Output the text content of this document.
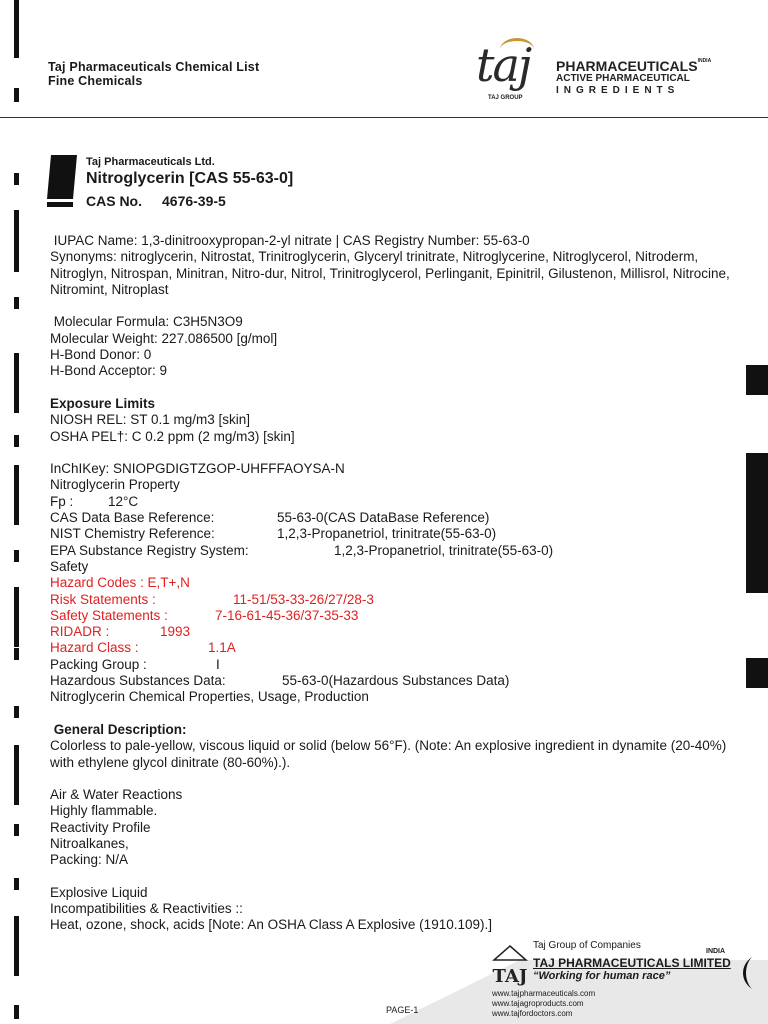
Taj Pharmaceuticals Chemical List
Fine Chemicals	taj
TAJ GROUP
$PHARMACEUTICALS^{INDIA}$
ACTIVE PHARMACEUTICAL
INGREDIENTS
Taj Pharmaceuticals Ltd.
Nitroglycerin [CAS 55-63-0]
CAS No. 4676-39-5

IUPAC Name: 1,3-dinitrooxypropan-2-yl nitrate | CAS Registry Number: 55-63-0

Synonyms: nitroglycerin, Nitrostat, Trinitroglycerin, Glyceryl trinitrate, Nitroglycerine, Nitroglycerol, Nitroderm, Nitroglyn, Nitrospan, Minitran, Nitro-dur, Nitrol, Trinitroglycerol, Perlinganit, Epinitril, Gilustenon, Millisrol, Nitrocine, Nitromint, Nitroplast

Molecular Formula: C3H5N3O9

Molecular Weight: 227.086500 [g/mol]

H-Bond Donor: 0

H-Bond Acceptor: 9

Exposure Limits

NIOSH REL: ST 0.1 mg/m3 [skin]

OSHA PEL†: C 0.2 ppm (2 mg/m3) [skin]

InChIKey: SNIOPGDIGTZGOP-UHFFFAOYSA-N

Nitroglycerin Property

Fp :	12°C

CAS Data Base Reference:	55-63-0(CAS DataBase Reference)

NIST Chemistry Reference:	1,2,3-Propanetriol, trinitrate(55-63-0)

EPA Substance Registry System:	1,2,3-Propanetriol, trinitrate(55-63-0)

Safety

Hazard Codes : E,T+,N

Risk Statements :	11-51/53-33-26/27/28-3

Safety Statements :	7-16-61-45-36/37-35-33

RIDADR :	1993

Hazard Class :	1.1A

Packing Group :	I

Hazardous Substances Data:	55-63-0(Hazardous Substances Data)

Nitroglycerin Chemical Properties, Usage, Production

General Description:

Colorless to pale-yellow, viscous liquid or solid (below 56°F). (Note: An explosive ingredient in dynamite (20-40%) with ethylene glycol dinitrate (80-60%).).

Air & Water Reactions

Highly flammable.

Reactivity Profile

Nitroalkanes,

Packing: N/A

Explosive Liquid

Incompatibilities & Reactivities ::

Heat, ozone, shock, acids [Note: An OSHA Class A Explosive (1910.109).]

TAJ
Taj Group of Companies
INDIA
TAJ PHARMACEUTICALS LIMITED
“Working for human race”
www.tajpharmaceuticals.com
www.tajagroproducts.com
www.tajfordoctors.com
PAGE-1
